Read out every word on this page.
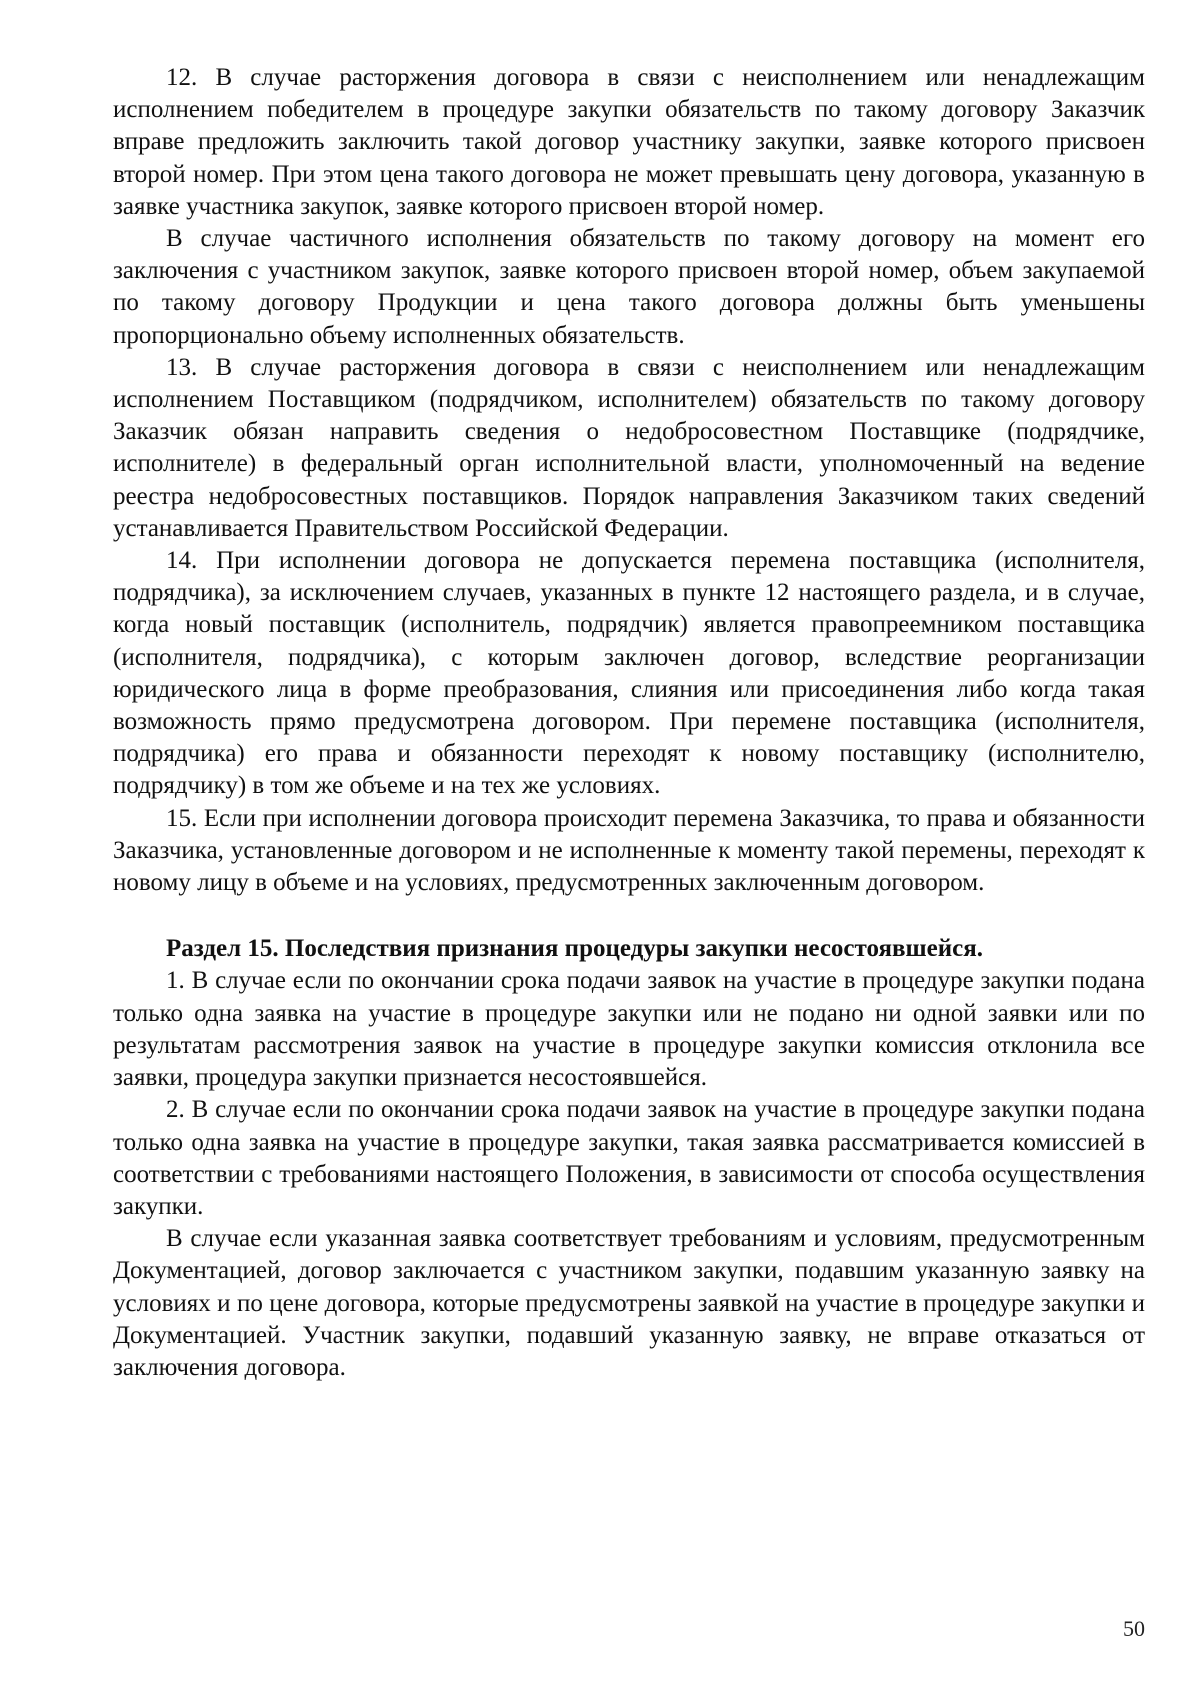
12. В случае расторжения договора в связи с неисполнением или ненадлежащим исполнением победителем в процедуре закупки обязательств по такому договору Заказчик вправе предложить заключить такой договор участнику закупки, заявке которого присвоен второй номер. При этом цена такого договора не может превышать цену договора, указанную в заявке участника закупок, заявке которого присвоен второй номер.

В случае частичного исполнения обязательств по такому договору на момент его заключения с участником закупок, заявке которого присвоен второй номер, объем закупаемой по такому договору Продукции и цена такого договора должны быть уменьшены пропорционально объему исполненных обязательств.

13. В случае расторжения договора в связи с неисполнением или ненадлежащим исполнением Поставщиком (подрядчиком, исполнителем) обязательств по такому договору Заказчик обязан направить сведения о недобросовестном Поставщике (подрядчике, исполнителе) в федеральный орган исполнительной власти, уполномоченный на ведение реестра недобросовестных поставщиков. Порядок направления Заказчиком таких сведений устанавливается Правительством Российской Федерации.

14. При исполнении договора не допускается перемена поставщика (исполнителя, подрядчика), за исключением случаев, указанных в пункте 12 настоящего раздела, и в случае, когда новый поставщик (исполнитель, подрядчик) является правопреемником поставщика (исполнителя, подрядчика), с которым заключен договор, вследствие реорганизации юридического лица в форме преобразования, слияния или присоединения либо когда такая возможность прямо предусмотрена договором. При перемене поставщика (исполнителя, подрядчика) его права и обязанности переходят к новому поставщику (исполнителю, подрядчику) в том же объеме и на тех же условиях.

15. Если при исполнении договора происходит перемена Заказчика, то права и обязанности Заказчика, установленные договором и не исполненные к моменту такой перемены, переходят к новому лицу в объеме и на условиях, предусмотренных заключенным договором.

Раздел 15. Последствия признания процедуры закупки несостоявшейся.

1. В случае если по окончании срока подачи заявок на участие в процедуре закупки подана только одна заявка на участие в процедуре закупки или не подано ни одной заявки или по результатам рассмотрения заявок на участие в процедуре закупки комиссия отклонила все заявки, процедура закупки признается несостоявшейся.

2. В случае если по окончании срока подачи заявок на участие в процедуре закупки подана только одна заявка на участие в процедуре закупки, такая заявка рассматривается комиссией в соответствии с требованиями настоящего Положения, в зависимости от способа осуществления закупки.

В случае если указанная заявка соответствует требованиям и условиям, предусмотренным Документацией, договор заключается с участником закупки, подавшим указанную заявку на условиях и по цене договора, которые предусмотрены заявкой на участие в процедуре закупки и Документацией. Участник закупки, подавший указанную заявку, не вправе отказаться от заключения договора.

50
